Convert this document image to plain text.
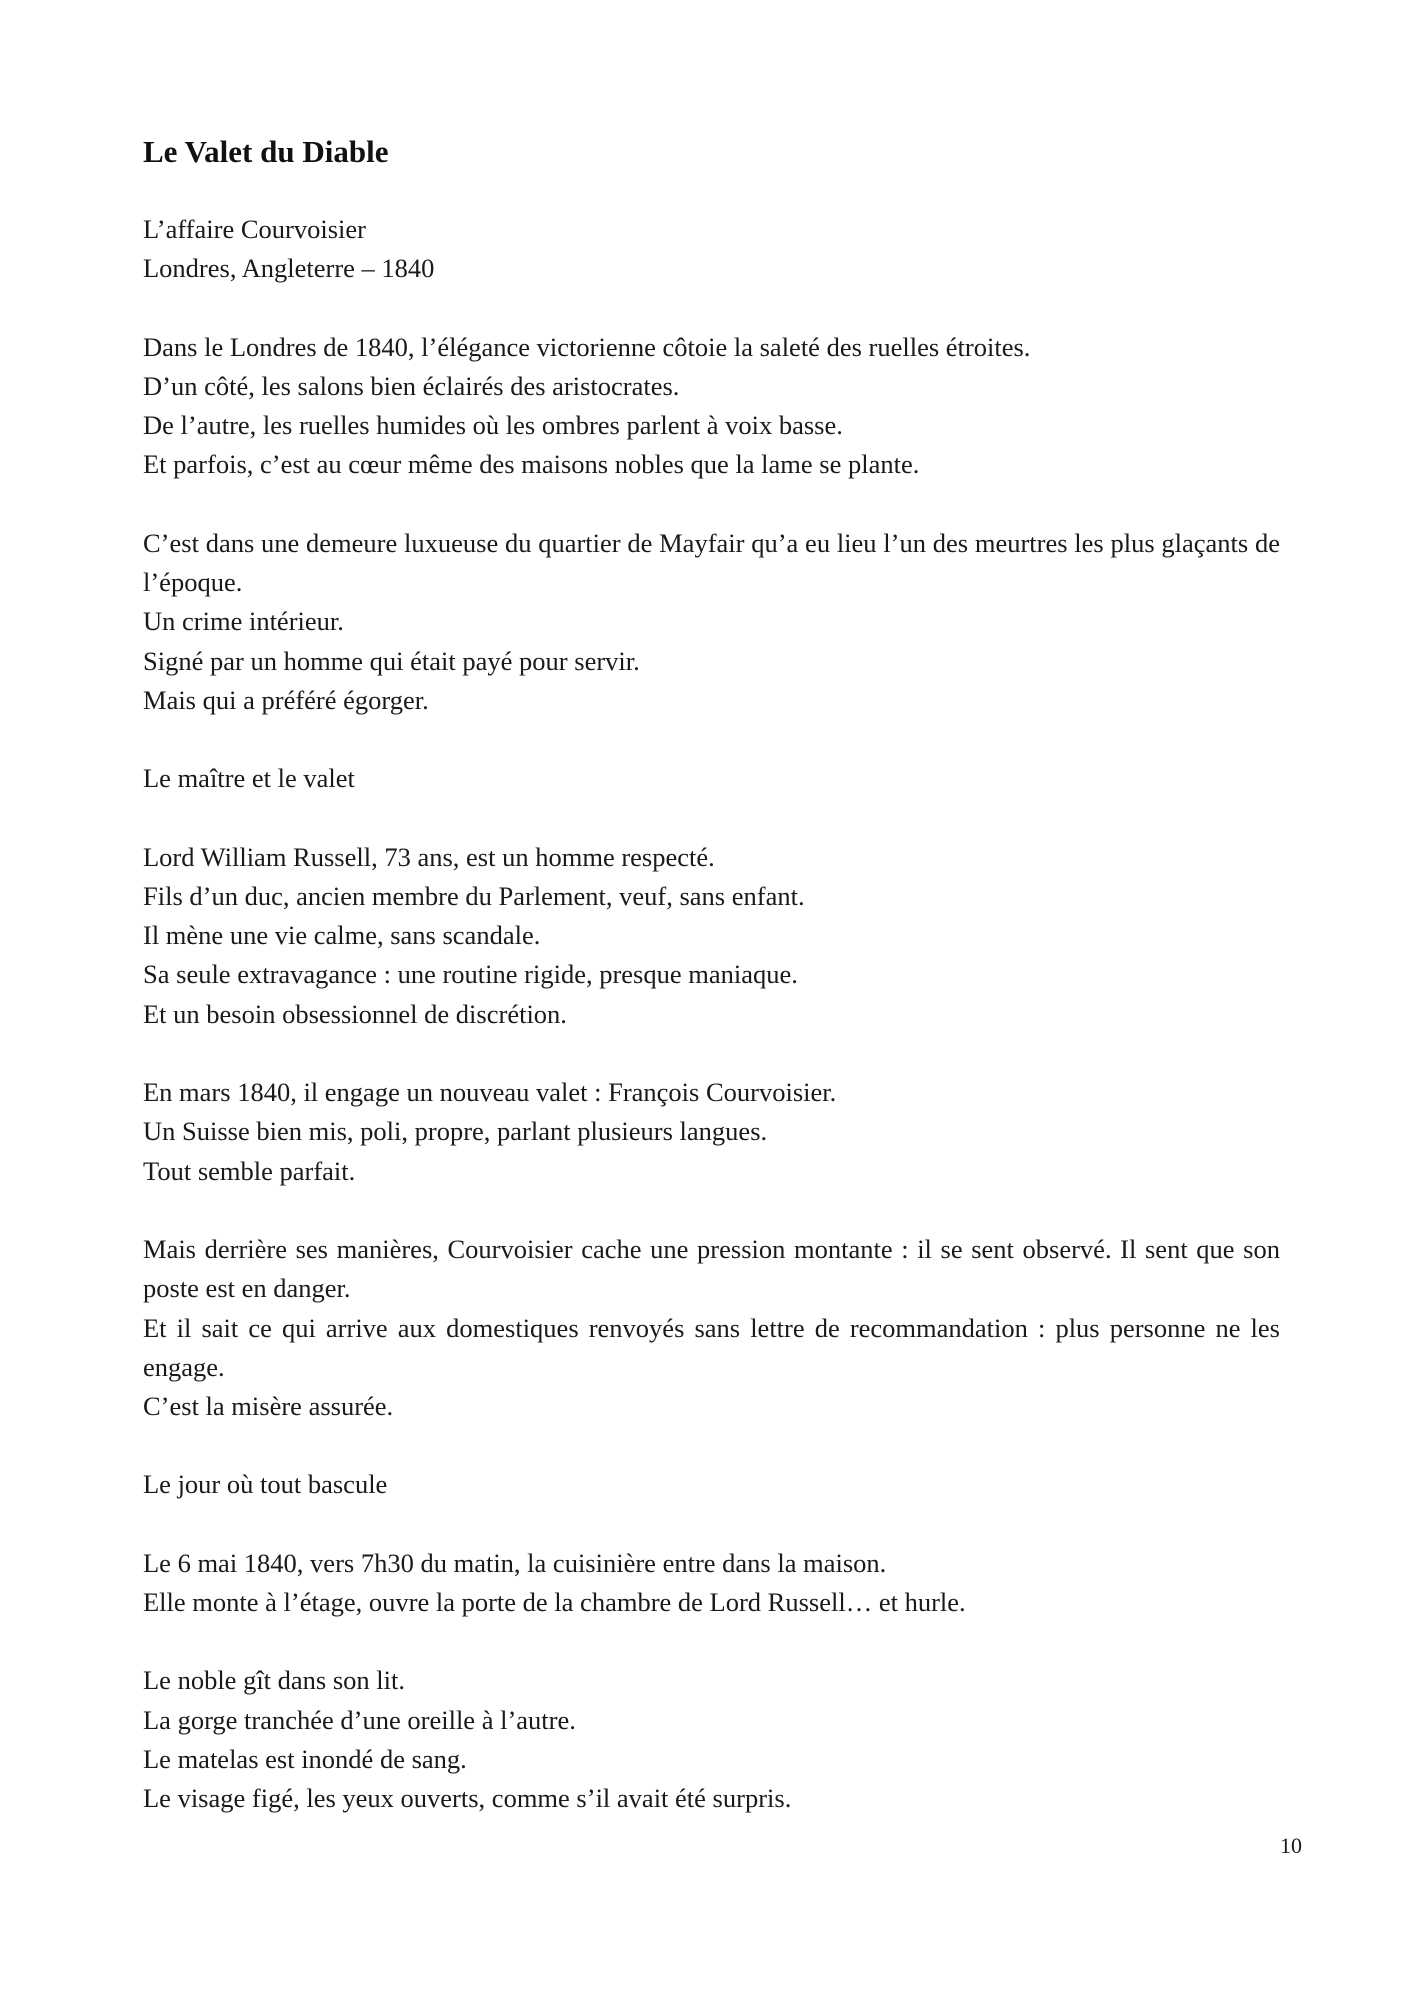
Le Valet du Diable
L’affaire Courvoisier
Londres, Angleterre – 1840
Dans le Londres de 1840, l’élégance victorienne côtoie la saleté des ruelles étroites.
D’un côté, les salons bien éclairés des aristocrates.
De l’autre, les ruelles humides où les ombres parlent à voix basse.
Et parfois, c’est au cœur même des maisons nobles que la lame se plante.
C’est dans une demeure luxueuse du quartier de Mayfair qu’a eu lieu l’un des meurtres les plus glaçants de l’époque.
Un crime intérieur.
Signé par un homme qui était payé pour servir.
Mais qui a préféré égorger.
Le maître et le valet
Lord William Russell, 73 ans, est un homme respecté.
Fils d’un duc, ancien membre du Parlement, veuf, sans enfant.
Il mène une vie calme, sans scandale.
Sa seule extravagance : une routine rigide, presque maniaque.
Et un besoin obsessionnel de discrétion.
En mars 1840, il engage un nouveau valet : François Courvoisier.
Un Suisse bien mis, poli, propre, parlant plusieurs langues.
Tout semble parfait.
Mais derrière ses manières, Courvoisier cache une pression montante : il se sent observé. Il sent que son poste est en danger.
Et il sait ce qui arrive aux domestiques renvoyés sans lettre de recommandation : plus personne ne les engage.
C’est la misère assurée.
Le jour où tout bascule
Le 6 mai 1840, vers 7h30 du matin, la cuisinière entre dans la maison.
Elle monte à l’étage, ouvre la porte de la chambre de Lord Russell… et hurle.
Le noble gît dans son lit.
La gorge tranchée d’une oreille à l’autre.
Le matelas est inondé de sang.
Le visage figé, les yeux ouverts, comme s’il avait été surpris.
10
